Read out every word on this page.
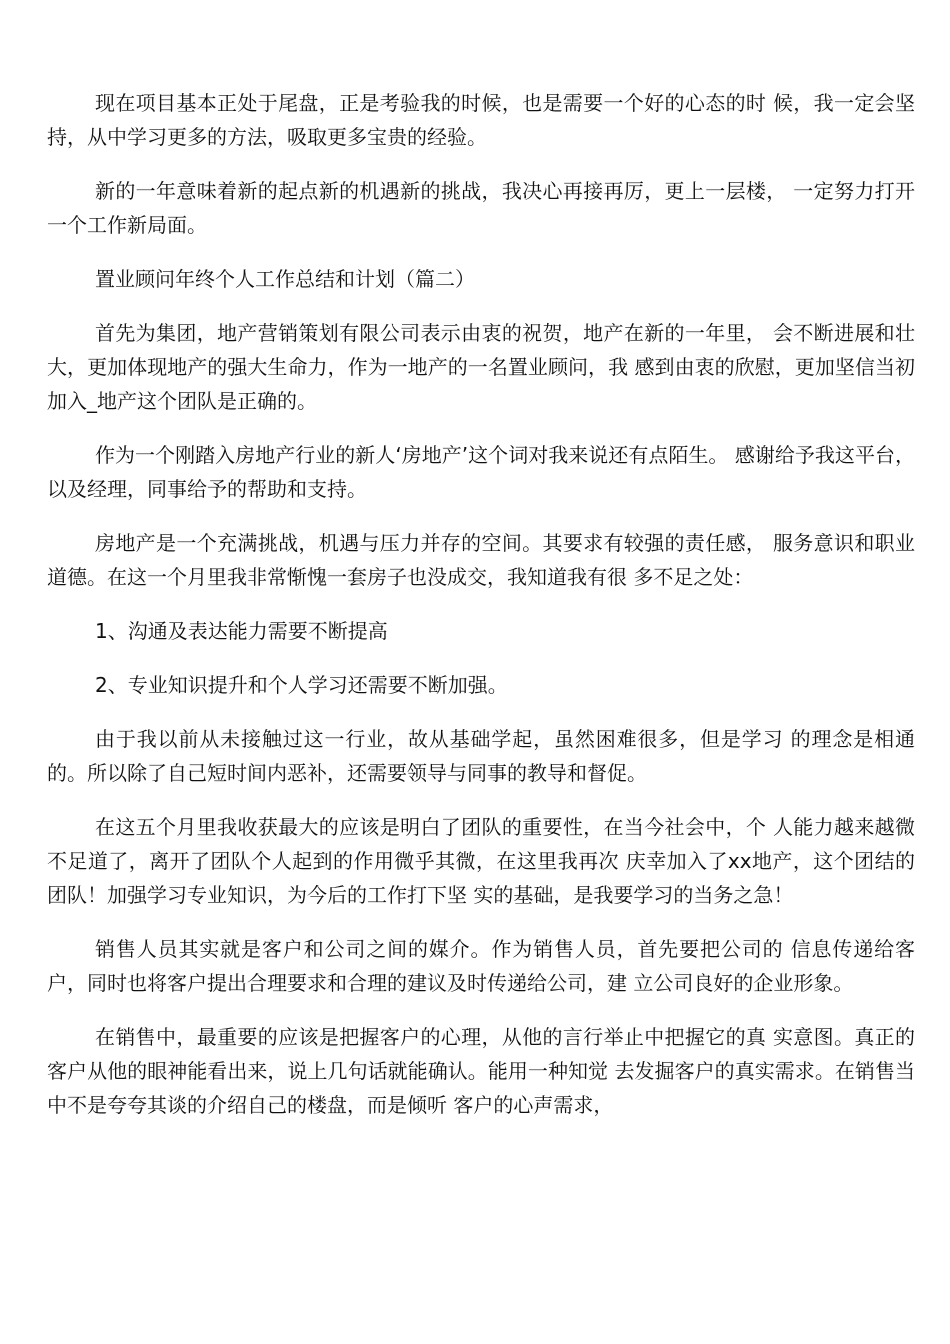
现在项目基本正处于尾盘，正是考验我的时候，也是需要一个好的心态的时 候，我一定会坚持，从中学习更多的方法，吸取更多宝贵的经验。

新的一年意味着新的起点新的机遇新的挑战，我决心再接再厉，更上一层楼， 一定努力打开一个工作新局面。

置业顾问年终个人工作总结和计划（篇二）

首先为集团，地产营销策划有限公司表示由衷的祝贺，地产在新的一年里， 会不断进展和壮大，更加体现地产的强大生命力，作为一地产的一名置业顾问，我 感到由衷的欣慰，更加坚信当初加入_地产这个团队是正确的。

作为一个刚踏入房地产行业的新人‘房地产’这个词对我来说还有点陌生。 感谢给予我这平台，以及经理，同事给予的帮助和支持。

房地产是一个充满挑战，机遇与压力并存的空间。其要求有较强的责任感， 服务意识和职业道德。在这一个月里我非常惭愧一套房子也没成交，我知道我有很 多不足之处：

1、沟通及表达能力需要不断提高

2、专业知识提升和个人学习还需要不断加强。

由于我以前从未接触过这一行业，故从基础学起，虽然困难很多，但是学习 的理念是相通的。所以除了自己短时间内恶补，还需要领导与同事的教导和督促。

在这五个月里我收获最大的应该是明白了团队的重要性，在当今社会中，个 人能力越来越微不足道了，离开了团队个人起到的作用微乎其微，在这里我再次 庆幸加入了xx地产，这个团结的团队！加强学习专业知识，为今后的工作打下坚 实的基础，是我要学习的当务之急！

销售人员其实就是客户和公司之间的媒介。作为销售人员，首先要把公司的 信息传递给客户，同时也将客户提出合理要求和合理的建议及时传递给公司，建 立公司良好的企业形象。

在销售中，最重要的应该是把握客户的心理，从他的言行举止中把握它的真 实意图。真正的客户从他的眼神能看出来，说上几句话就能确认。能用一种知觉 去发掘客户的真实需求。在销售当中不是夸夸其谈的介绍自己的楼盘，而是倾听 客户的心声需求，
